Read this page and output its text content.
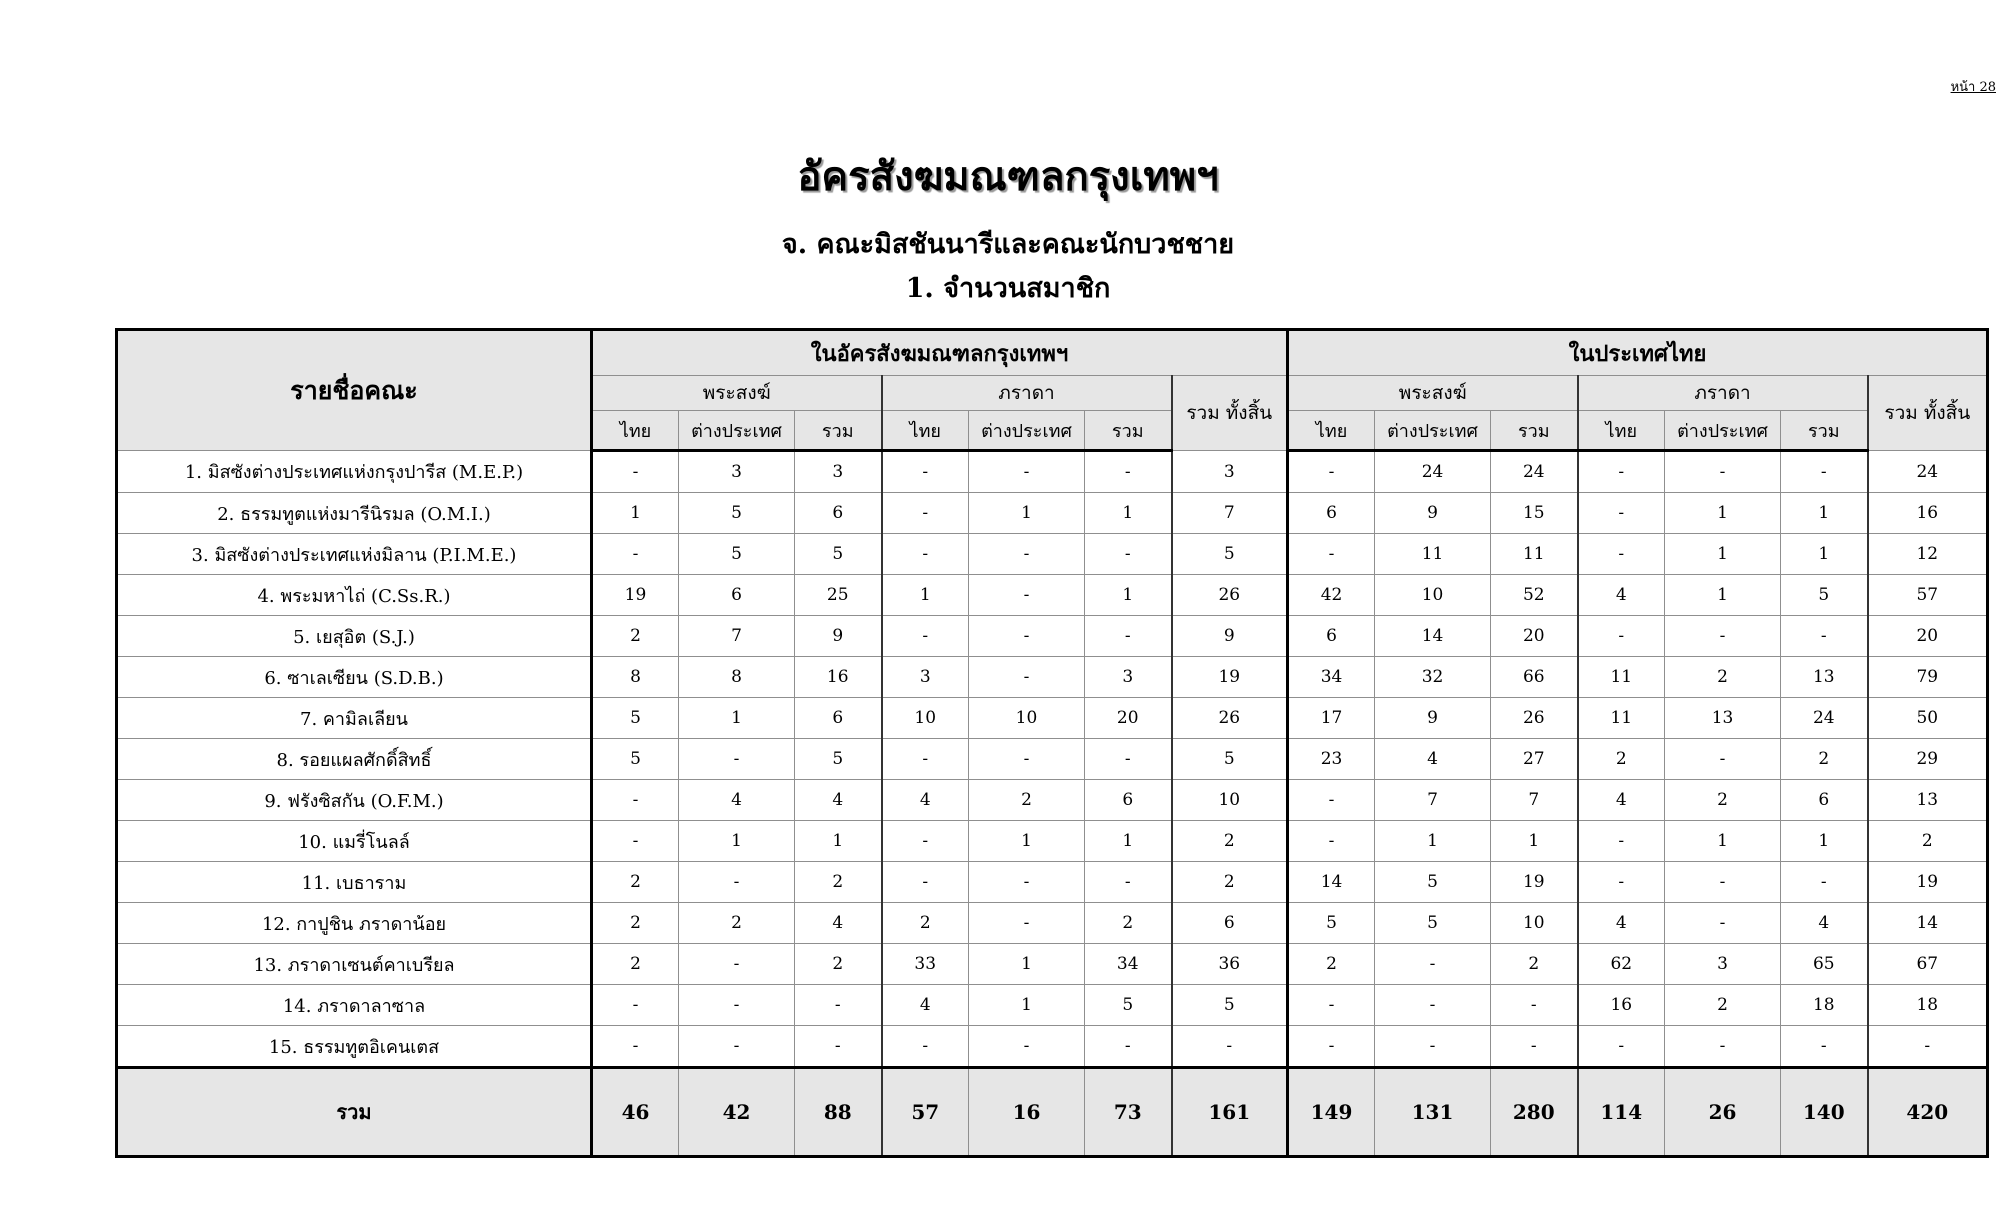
หน้า 28
อัครสังฆมณฑลกรุงเทพฯ
จ. คณะมิสชันนารีและคณะนักบวชชาย
1. จำนวนสมาชิก
รายชื่อคณะ	ในอัครสังฆมณฑลกรุงเทพฯ							ในประเทศไทย						
	พระสงฆ์			ภราดา			รวม ทั้งสิ้น	พระสงฆ์			ภราดา			รวม ทั้งสิ้น
	ไทย	ต่างประเทศ	รวม	ไทย	ต่างประเทศ	รวม		ไทย	ต่างประเทศ	รวม	ไทย	ต่างประเทศ	รวม	
1. มิสซังต่างประเทศแห่งกรุงปารีส (M.E.P.)	-	3	3	-	-	-	3	-	24	24	-	-	-	24
2. ธรรมทูตแห่งมารีนิรมล (O.M.I.)	1	5	6	-	1	1	7	6	9	15	-	1	1	16
3. มิสซังต่างประเทศแห่งมิลาน (P.I.M.E.)	-	5	5	-	-	-	5	-	11	11	-	1	1	12
4. พระมหาไถ่ (C.Ss.R.)	19	6	25	1	-	1	26	42	10	52	4	1	5	57
5. เยสุอิต (S.J.)	2	7	9	-	-	-	9	6	14	20	-	-	-	20
6. ซาเลเซียน (S.D.B.)	8	8	16	3	-	3	19	34	32	66	11	2	13	79
7. คามิลเลียน	5	1	6	10	10	20	26	17	9	26	11	13	24	50
8. รอยแผลศักดิ์สิทธิ์	5	-	5	-	-	-	5	23	4	27	2	-	2	29
9. ฟรังซิสกัน (O.F.M.)	-	4	4	4	2	6	10	-	7	7	4	2	6	13
10. แมรี่โนลล์	-	1	1	-	1	1	2	-	1	1	-	1	1	2
11. เบธาราม	2	-	2	-	-	-	2	14	5	19	-	-	-	19
12. กาปูชิน ภราดาน้อย	2	2	4	2	-	2	6	5	5	10	4	-	4	14
13. ภราดาเซนต์คาเบรียล	2	-	2	33	1	34	36	2	-	2	62	3	65	67
14. ภราดาลาซาล	-	-	-	4	1	5	5	-	-	-	16	2	18	18
15. ธรรมทูตอิเคนเตส	-	-	-	-	-	-	-	-	-	-	-	-	-	-
รวม	46	42	88	57	16	73	161	149	131	280	114	26	140	420
